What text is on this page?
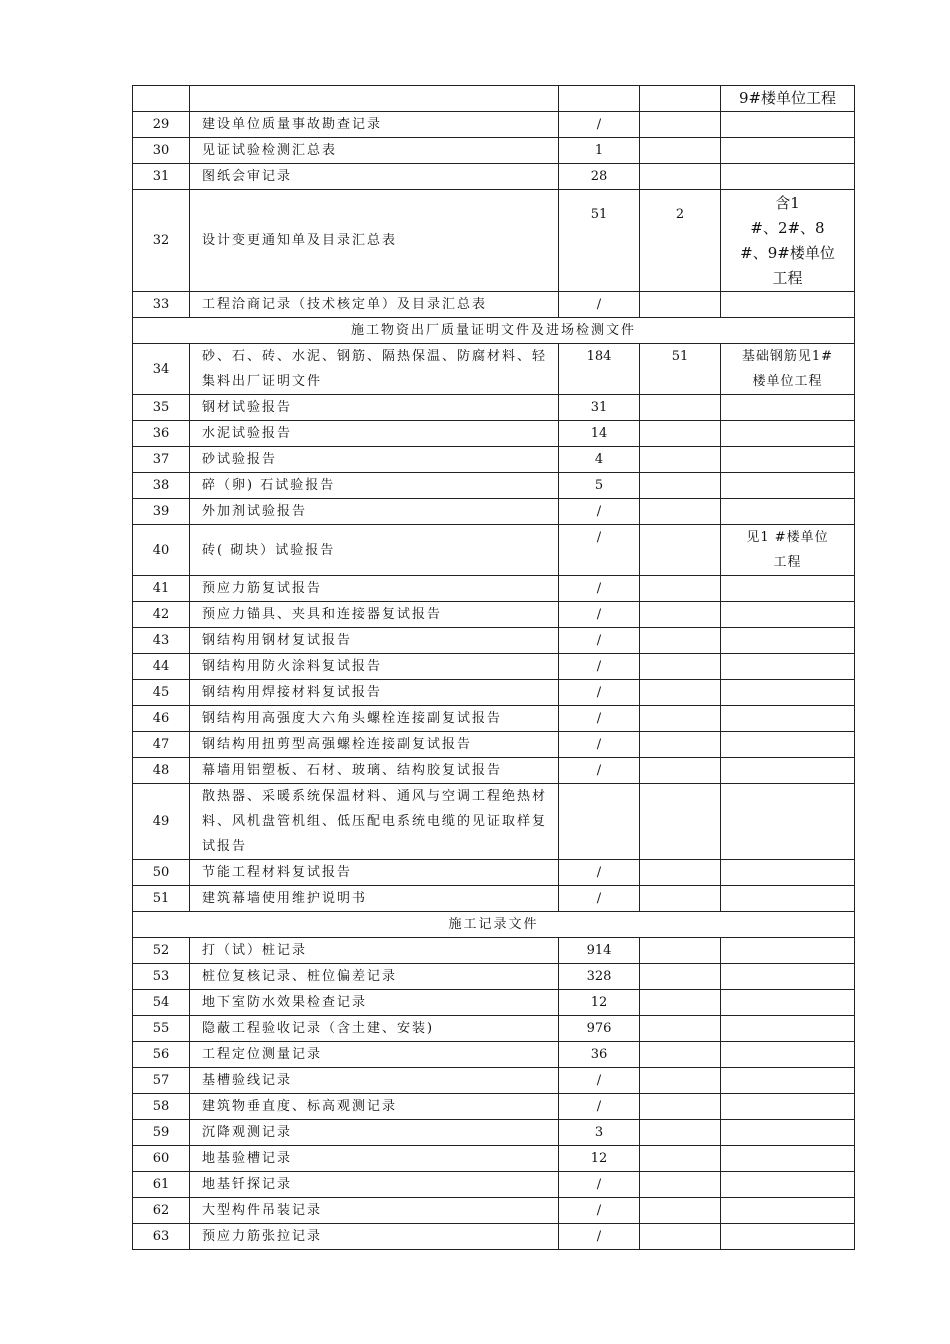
				9#楼单位工程
29	建设单位质量事故勘查记录	/		
30	见证试验检测汇总表	1		
31	图纸会审记录	28		
32	设计变更通知单及目录汇总表	51	2	含1
#、2#、8
#、9#楼单位
工程
33	工程洽商记录（技术核定单）及目录汇总表	/		
施工物资出厂质量证明文件及进场检测文件				
34	砂、石、砖、水泥、钢筋、隔热保温、防腐材料、轻集料出厂证明文件	184	51	基础钢筋见1#
楼单位工程
35	钢材试验报告	31		
36	水泥试验报告	14		
37	砂试验报告	4		
38	碎（卵) 石试验报告	5		
39	外加剂试验报告	/		
40	砖( 砌块）试验报告	/		见1 #楼单位
工程
41	预应力筋复试报告	/		
42	预应力锚具、夹具和连接器复试报告	/		
43	钢结构用钢材复试报告	/		
44	钢结构用防火涂料复试报告	/		
45	钢结构用焊接材料复试报告	/		
46	钢结构用高强度大六角头螺栓连接副复试报告	/		
47	钢结构用扭剪型高强螺栓连接副复试报告	/		
48	幕墙用铝塑板、石材、玻璃、结构胶复试报告	/		
49	散热器、采暖系统保温材料、通风与空调工程绝热材料、风机盘管机组、低压配电系统电缆的见证取样复试报告			
50	节能工程材料复试报告	/		
51	建筑幕墙使用维护说明书	/		
施工记录文件				
52	打（试）桩记录	914		
53	桩位复核记录、桩位偏差记录	328		
54	地下室防水效果检查记录	12		
55	隐蔽工程验收记录（含土建、安装)	976		
56	工程定位测量记录	36		
57	基槽验线记录	/		
58	建筑物垂直度、标高观测记录	/		
59	沉降观测记录	3		
60	地基验槽记录	12		
61	地基钎探记录	/		
62	大型构件吊装记录	/		
63	预应力筋张拉记录	/		
